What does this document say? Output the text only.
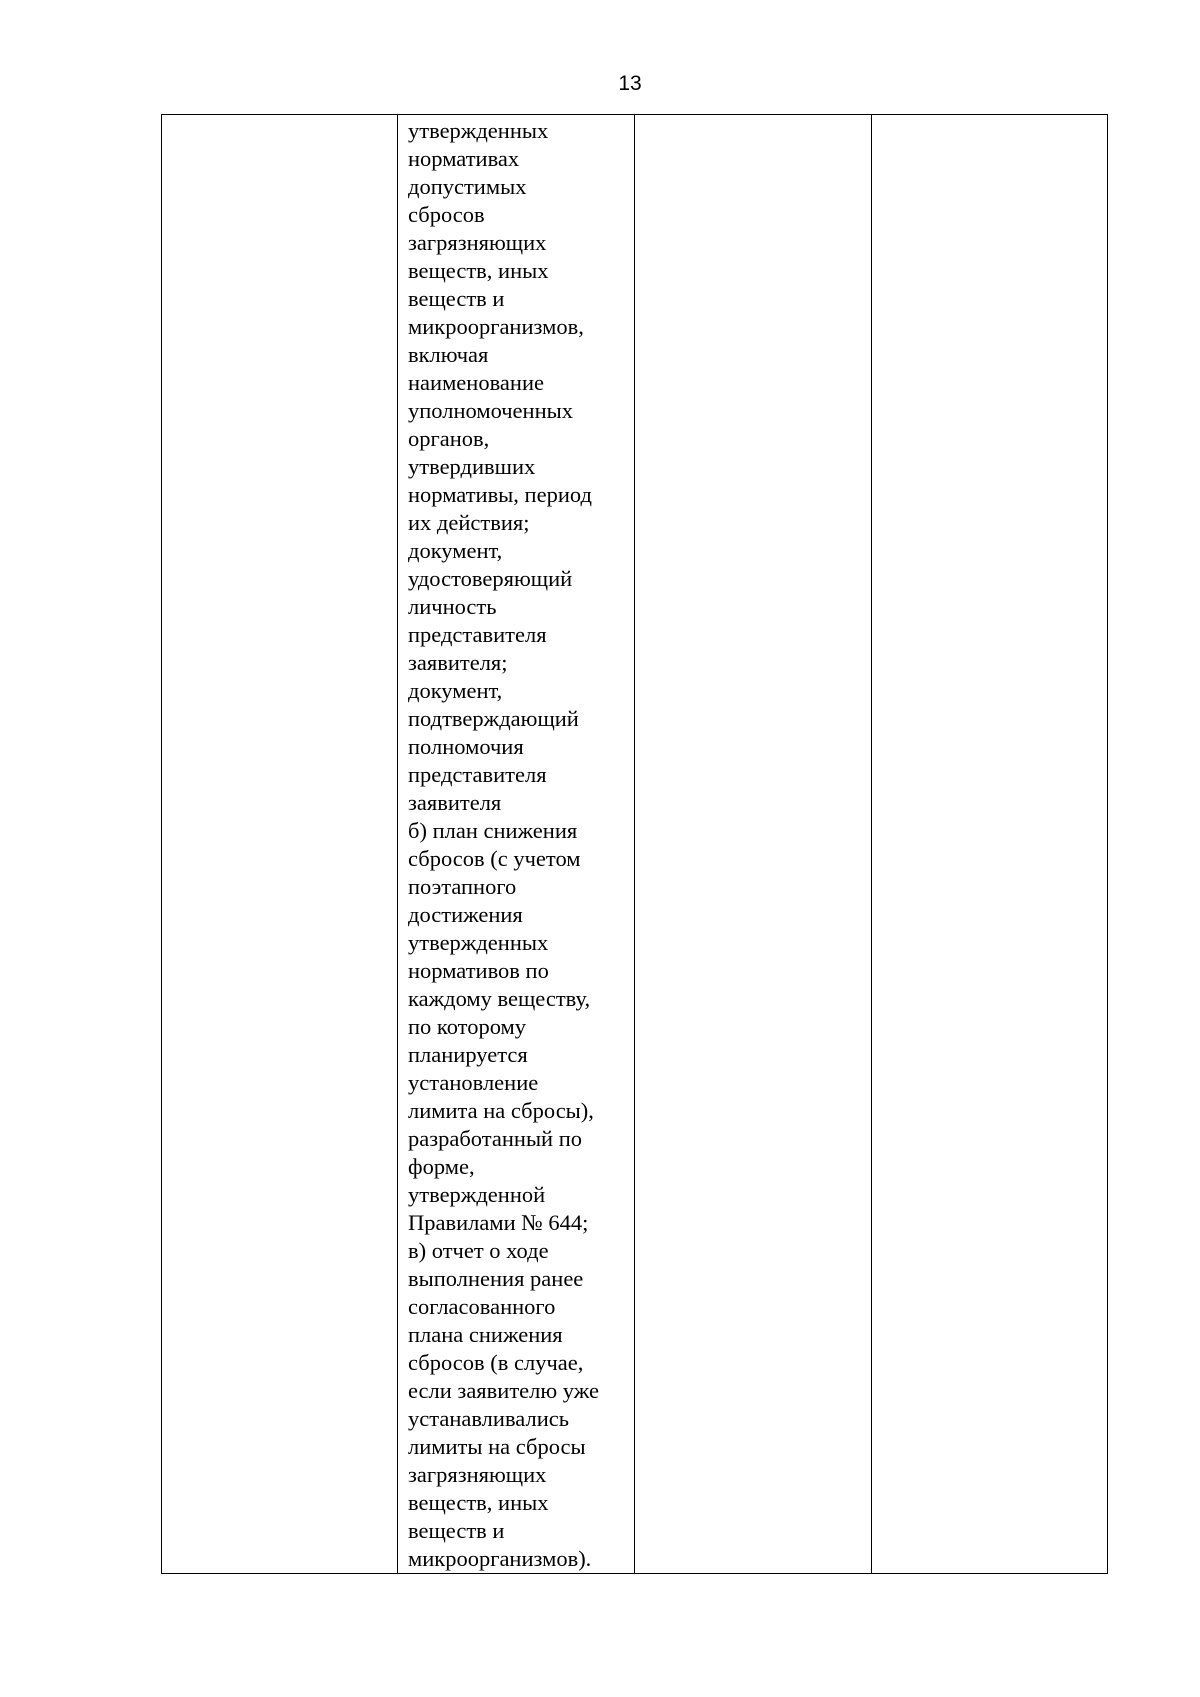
13

утвержденных
нормативах
допустимых
сбросов
загрязняющих
веществ, иных
веществ и
микроорганизмов,
включая
наименование
уполномоченных
органов,
утвердивших
нормативы, период
их действия;
документ,
удостоверяющий
личность
представителя
заявителя;
документ,
подтверждающий
полномочия
представителя
заявителя
б) план снижения
сбросов (с учетом
поэтапного
достижения
утвержденных
нормативов по
каждому веществу,
по которому
планируется
установление
лимита на сбросы),
разработанный по
форме,
утвержденной
Правилами № 644;
в) отчет о ходе
выполнения ранее
согласованного
плана снижения
сбросов (в случае,
если заявителю уже
устанавливались
лимиты на сбросы
загрязняющих
веществ, иных
веществ и
микроорганизмов).
